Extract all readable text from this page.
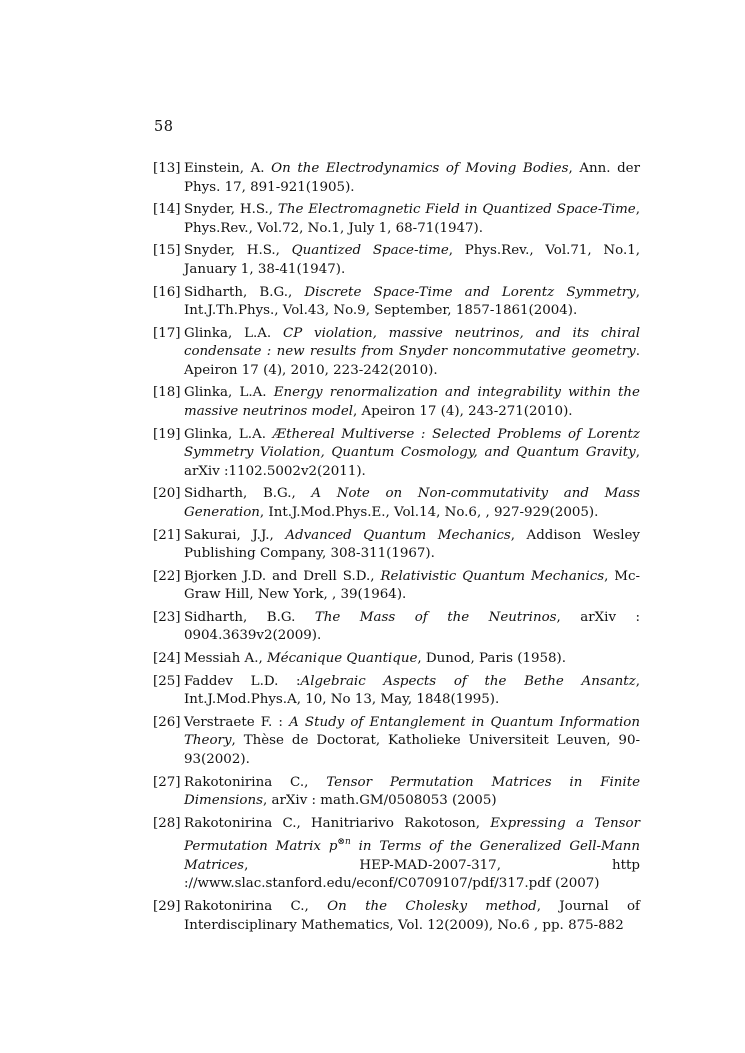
58
[13] Einstein, A. On the Electrodynamics of Moving Bodies, Ann. der Phys. 17, 891-921(1905).
[14] Snyder, H.S., The Electromagnetic Field in Quantized Space-Time, Phys.Rev., Vol.72, No.1, July 1, 68-71(1947).
[15] Snyder, H.S., Quantized Space-time, Phys.Rev., Vol.71, No.1, January 1, 38-41(1947).
[16] Sidharth, B.G., Discrete Space-Time and Lorentz Symmetry, Int.J.Th.Phys., Vol.43, No.9, September, 1857-1861(2004).
[17] Glinka, L.A. CP violation, massive neutrinos, and its chiral condensate : new results from Snyder noncommutative geometry. Apeiron 17 (4), 2010, 223-242(2010).
[18] Glinka, L.A. Energy renormalization and integrability within the massive neutrinos model, Apeiron 17 (4), 243-271(2010).
[19] Glinka, L.A. Æthereal Multiverse : Selected Problems of Lorentz Symmetry Violation, Quantum Cosmology, and Quantum Gravity, arXiv :1102.5002v2(2011).
[20] Sidharth, B.G., A Note on Non-commutativity and Mass Generation, Int.J.Mod.Phys.E., Vol.14, No.6, , 927-929(2005).
[21] Sakurai, J.J., Advanced Quantum Mechanics, Addison Wesley Publishing Company, 308-311(1967).
[22] Bjorken J.D. and Drell S.D., Relativistic Quantum Mechanics, Mc-Graw Hill, New York, , 39(1964).
[23] Sidharth, B.G. The Mass of the Neutrinos, arXiv : 0904.3639v2(2009).
[24] Messiah A., Mécanique Quantique, Dunod, Paris (1958).
[25] Faddev L.D. :Algebraic Aspects of the Bethe Ansantz, Int.J.Mod.Phys.A, 10, No 13, May, 1848(1995).
[26] Verstraete F. : A Study of Entanglement in Quantum Information Theory, Thèse de Doctorat, Katholieke Universiteit Leuven, 90-93(2002).
[27] Rakotonirina C., Tensor Permutation Matrices in Finite Dimensions, arXiv : math.GM/0508053 (2005)
[28] Rakotonirina C., Hanitriarivo Rakotoson, Expressing a Tensor Permutation Matrix $p^{\otimes n}$ in Terms of the Generalized Gell-Mann Matrices, HEP-MAD-2007-317, http ://www.slac.stanford.edu/econf/C0709107/pdf/317.pdf (2007)
[29] Rakotonirina C., On the Cholesky method, Journal of Interdisciplinary Mathematics, Vol. 12(2009), No.6 , pp. 875-882
